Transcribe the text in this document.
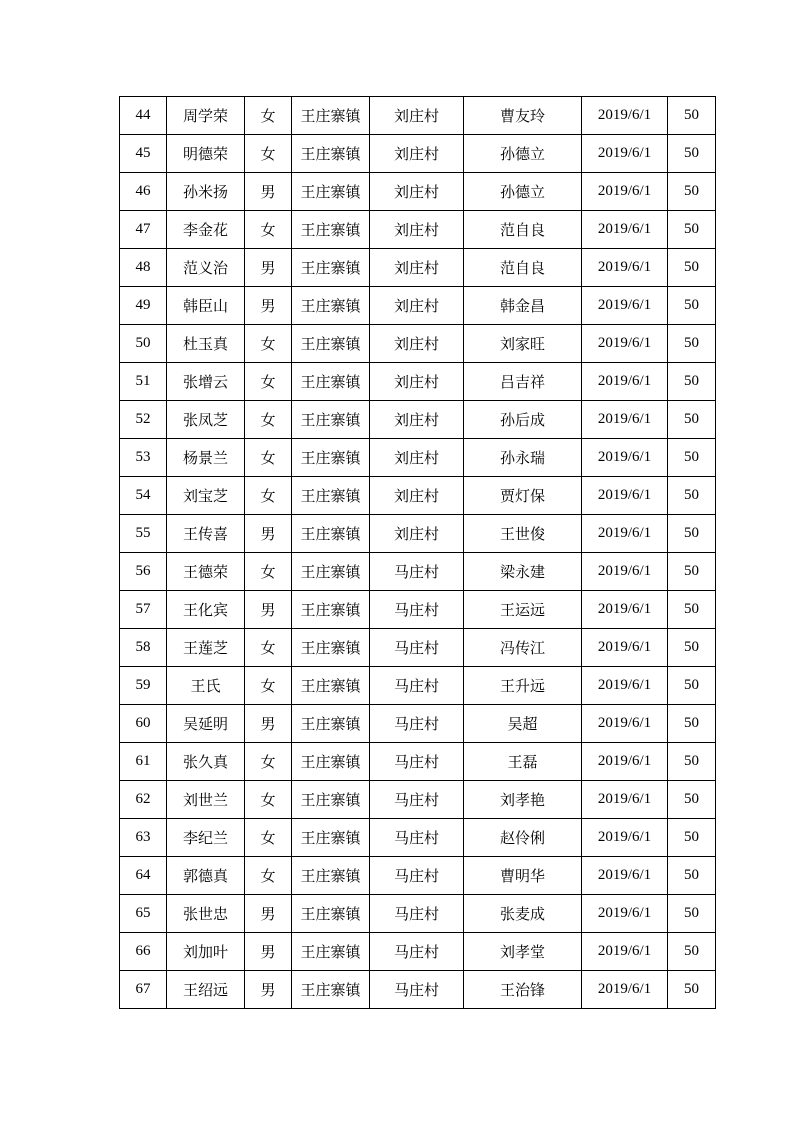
44	周学荣	女	王庄寨镇	刘庄村	曹友玲	2019/6/1	50
45	明德荣	女	王庄寨镇	刘庄村	孙德立	2019/6/1	50
46	孙米扬	男	王庄寨镇	刘庄村	孙德立	2019/6/1	50
47	李金花	女	王庄寨镇	刘庄村	范自良	2019/6/1	50
48	范义治	男	王庄寨镇	刘庄村	范自良	2019/6/1	50
49	韩臣山	男	王庄寨镇	刘庄村	韩金昌	2019/6/1	50
50	杜玉真	女	王庄寨镇	刘庄村	刘家旺	2019/6/1	50
51	张增云	女	王庄寨镇	刘庄村	吕吉祥	2019/6/1	50
52	张凤芝	女	王庄寨镇	刘庄村	孙后成	2019/6/1	50
53	杨景兰	女	王庄寨镇	刘庄村	孙永瑞	2019/6/1	50
54	刘宝芝	女	王庄寨镇	刘庄村	贾灯保	2019/6/1	50
55	王传喜	男	王庄寨镇	刘庄村	王世俊	2019/6/1	50
56	王德荣	女	王庄寨镇	马庄村	梁永建	2019/6/1	50
57	王化宾	男	王庄寨镇	马庄村	王运远	2019/6/1	50
58	王莲芝	女	王庄寨镇	马庄村	冯传江	2019/6/1	50
59	王氏	女	王庄寨镇	马庄村	王升远	2019/6/1	50
60	吴延明	男	王庄寨镇	马庄村	吴超	2019/6/1	50
61	张久真	女	王庄寨镇	马庄村	王磊	2019/6/1	50
62	刘世兰	女	王庄寨镇	马庄村	刘孝艳	2019/6/1	50
63	李纪兰	女	王庄寨镇	马庄村	赵伶俐	2019/6/1	50
64	郭德真	女	王庄寨镇	马庄村	曹明华	2019/6/1	50
65	张世忠	男	王庄寨镇	马庄村	张麦成	2019/6/1	50
66	刘加叶	男	王庄寨镇	马庄村	刘孝堂	2019/6/1	50
67	王绍远	男	王庄寨镇	马庄村	王治锋	2019/6/1	50
